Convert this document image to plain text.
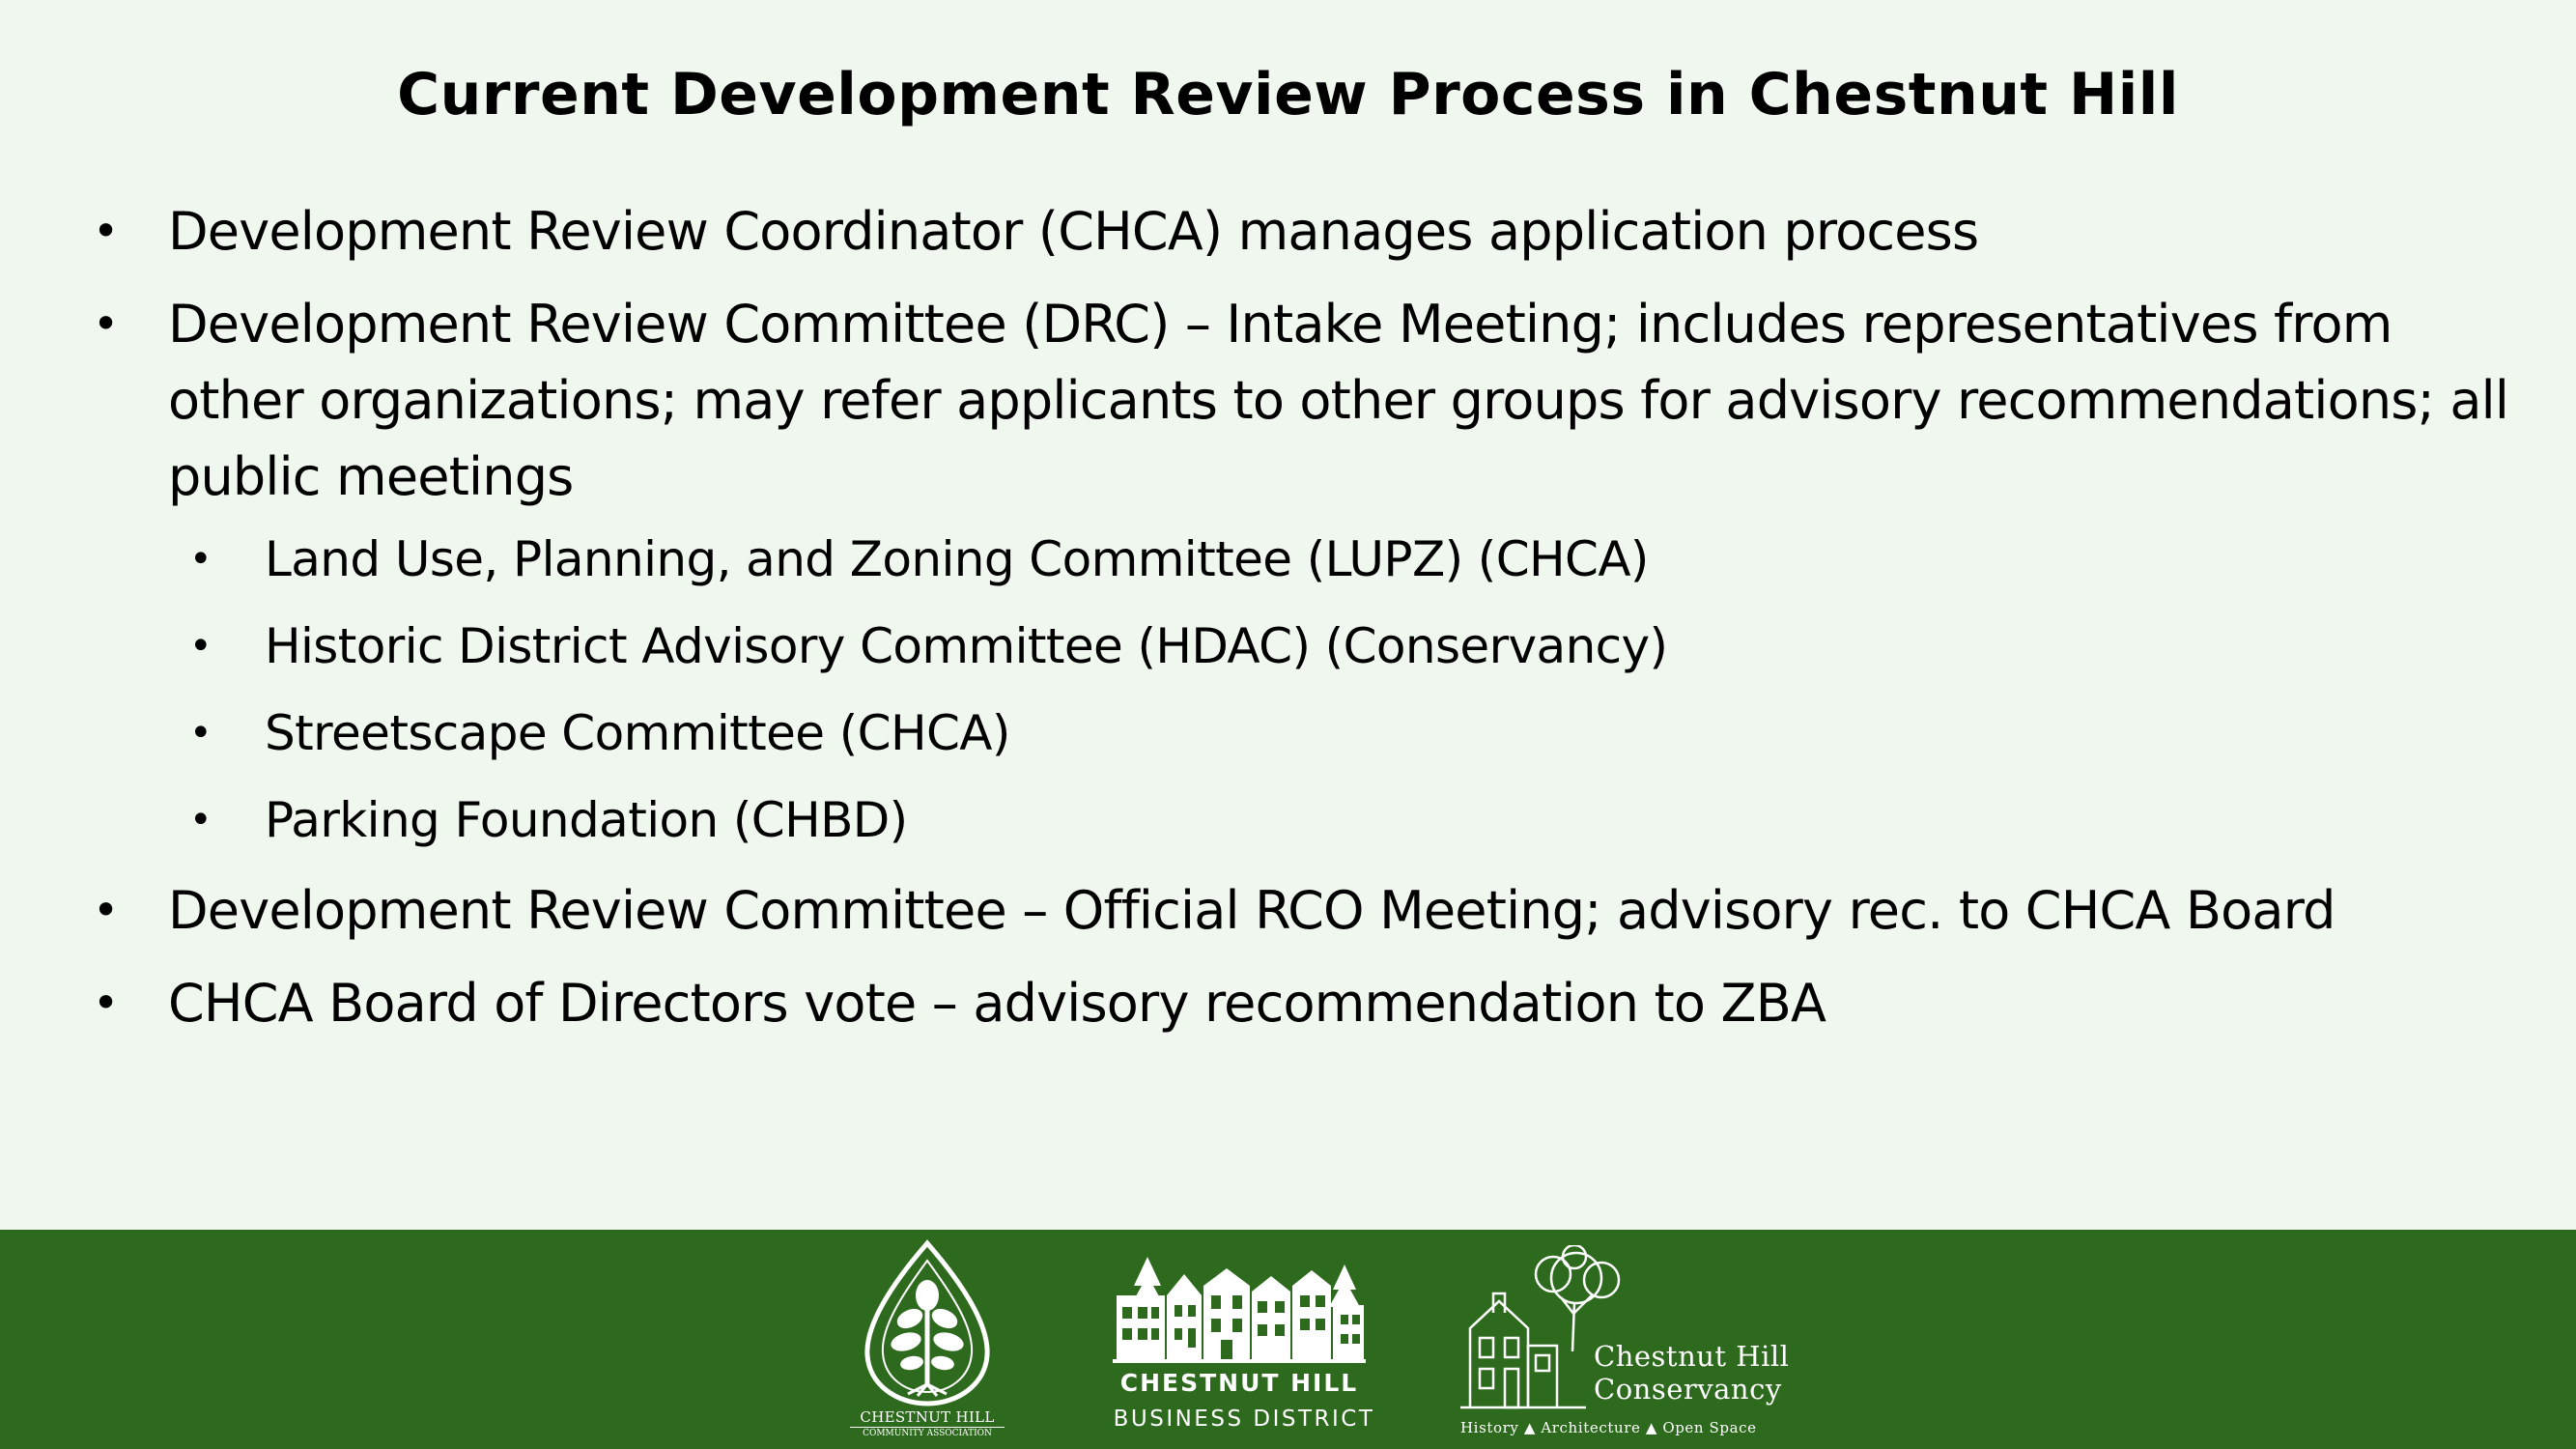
Current Development Review Process in Chestnut Hill
• Development Review Coordinator (CHCA) manages application process
• Development Review Committee (DRC) – Intake Meeting; includes representatives from other organizations; may refer applicants to other groups for advisory recommendations; all public meetings
• Land Use, Planning, and Zoning Committee (LUPZ) (CHCA)
• Historic District Advisory Committee (HDAC) (Conservancy)
• Streetscape Committee (CHCA)
• Parking Foundation (CHBD)
• Development Review Committee – Official RCO Meeting; advisory rec. to CHCA Board
• CHCA Board of Directors vote – advisory recommendation to ZBA
CHESTNUT HILL
COMMUNITY ASSOCIATION
CHESTNUT HILL
BUSINESS DISTRICT
Chestnut Hill
Conservancy
History ▲ Architecture ▲ Open Space
